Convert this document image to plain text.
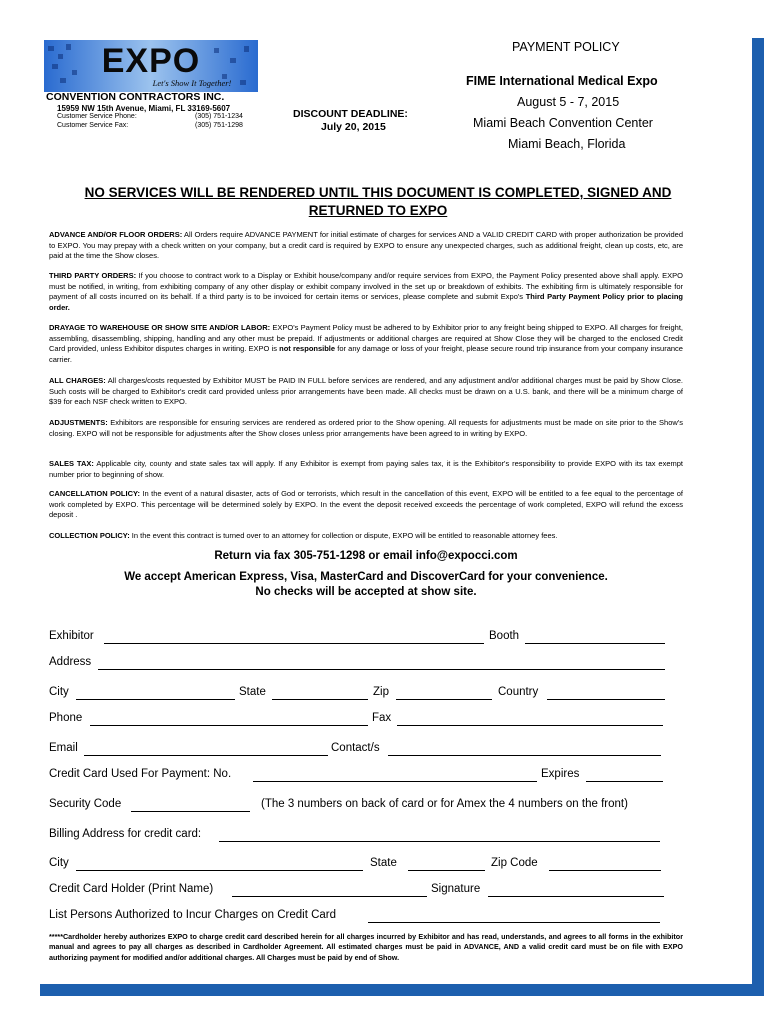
EXPO
Let's Show It Together!
CONVENTION CONTRACTORS INC.
15959 NW 15th Avenue, Miami, FL 33169-5607
Customer Service Phone:	(305) 751-1234
Customer Service Fax:	(305) 751-1298
DISCOUNT DEADLINE:
July 20, 2015
PAYMENT POLICY
FIME International Medical Expo
August 5 - 7, 2015
Miami Beach Convention Center
Miami Beach, Florida
NO SERVICES WILL BE RENDERED UNTIL THIS DOCUMENT IS COMPLETED, SIGNED AND RETURNED TO EXPO
ADVANCE AND/OR FLOOR ORDERS: All Orders require ADVANCE PAYMENT for initial estimate of charges for services AND a VALID CREDIT CARD with proper authorization be provided to EXPO. You may prepay with a check written on your company, but a credit card is required by EXPO to ensure any unexpected charges, such as additional freight, clean up costs, etc, are paid at the time the Show closes.
THIRD PARTY ORDERS: If you choose to contract work to a Display or Exhibit house/company and/or require services from EXPO, the Payment Policy presented above shall apply. EXPO must be notified, in writing, from exhibiting company of any other display or exhibit company involved in the set up or breakdown of exhibits. The exhibiting firm is ultimately responsible for payment of all costs incurred on its behalf. If a third party is to be invoiced for certain items or services, please complete and submit Expo's Third Party Payment Policy prior to placing order.
DRAYAGE TO WAREHOUSE OR SHOW SITE AND/OR LABOR: EXPO's Payment Policy must be adhered to by Exhibitor prior to any freight being shipped to EXPO. All charges for freight, assembling, disassembling, shipping, handling and any other must be prepaid. If adjustments or additional charges are required at Show Close they will be charged to the enclosed Credit Card provided, unless Exhibitor disputes charges in writing. EXPO is not responsible for any damage or loss of your freight, please secure round trip insurance from your company insurance carrier.
ALL CHARGES: All charges/costs requested by Exhibitor MUST be PAID IN FULL before services are rendered, and any adjustment and/or additional charges must be paid by Show Close. Such costs will be charged to Exhibitor's credit card provided unless prior arrangements have been made. All checks must be drawn on a U.S. bank, and there will be a minimum charge of $39 for each NSF check written to EXPO.
ADJUSTMENTS: Exhibitors are responsible for ensuring services are rendered as ordered prior to the Show opening. All requests for adjustments must be made on site prior to the Show's closing. EXPO will not be responsible for adjustments after the Show closes unless prior arrangements have been agreed to in writing by EXPO.
SALES TAX: Applicable city, county and state sales tax will apply. If any Exhibitor is exempt from paying sales tax, it is the Exhibitor's responsibility to provide EXPO with its tax exempt number prior to beginning of show.
CANCELLATION POLICY: In the event of a natural disaster, acts of God or terrorists, which result in the cancellation of this event, EXPO will be entitled to a fee equal to the percentage of work completed by EXPO. This percentage will be determined solely by EXPO. In the event the deposit received exceeds the percentage of work completed, EXPO will refund the excess deposit .
COLLECTION POLICY: In the event this contract is turned over to an attorney for collection or dispute, EXPO will be entitled to reasonable attorney fees.
Return via fax 305-751-1298 or email info@expocci.com
We accept American Express, Visa, MasterCard and DiscoverCard for your convenience.
No checks will be accepted at show site.
Exhibitor	Booth
Address
City	State	Zip	Country
Phone	Fax
Email	Contact/s
Credit Card Used For Payment: No.	Expires
Security Code	(The 3 numbers on back of card or for Amex the 4 numbers on the front)
Billing Address for credit card:
City	State	Zip Code
Credit Card Holder (Print Name)	Signature
List Persons Authorized to Incur Charges on Credit Card
*****Cardholder hereby authorizes EXPO to charge credit card described herein for all charges incurred by Exhibitor and has read, understands, and agrees to all forms in the exhibitor manual and agrees to pay all charges as described in Cardholder Agreement. All estimated charges must be paid in ADVANCE, AND a valid credit card must be on file with EXPO authorizing payment for modified and/or additional charges. All Charges must be paid by end of Show.
